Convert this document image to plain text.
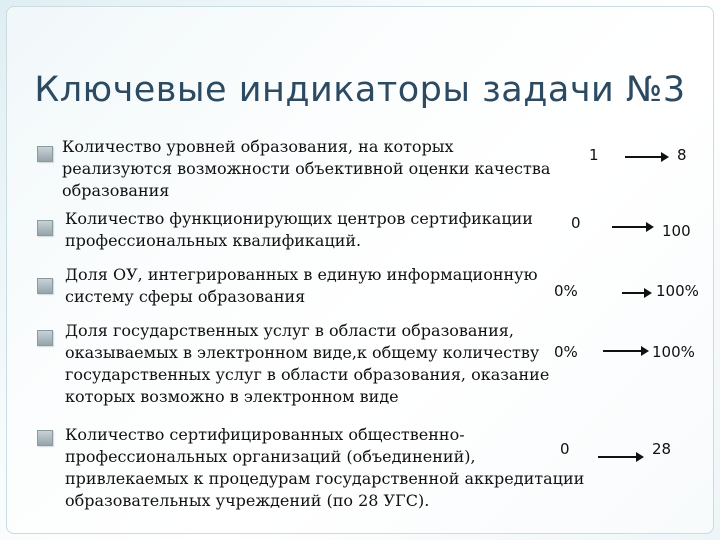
Ключевые индикаторы задачи №3
Количество уровней образования, на которых
реализуются возможности объективной оценки качества
образования
1	8
Количество функционирующих центров сертификации
профессиональных квалификаций.
0	100
Доля ОУ, интегрированных в единую информационную
систему сферы образования	0%	100%
Доля государственных услуг в области образования,
оказываемых в электронном виде,к общему количеству
государственных услуг в области образования, оказание
которых возможно в электронном виде
0%	100%
Количество сертифицированных общественно-
профессиональных организаций (объединений),
привлекаемых к процедурам государственной аккредитации
образовательных учреждений (по 28 УГС).
0	28
